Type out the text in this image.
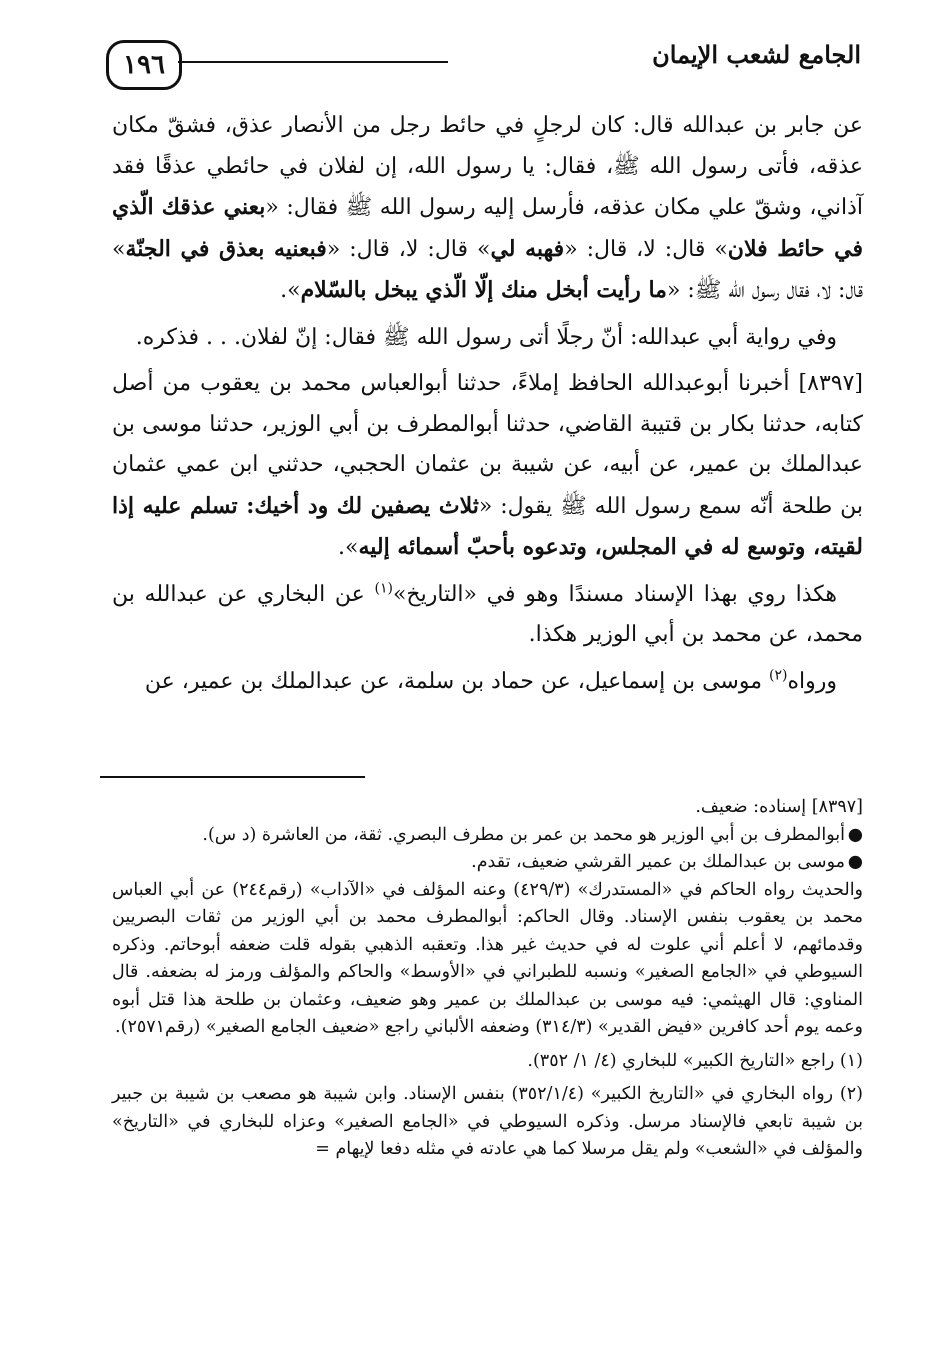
١٩٦	الجامع لشعب الإيمان

عن جابر بن عبدالله قال: كان لرجلٍ في حائط رجل من الأنصار عذق، فشقّ مكان عذقه، فأتى رسول الله ﷺ، فقال: يا رسول الله، إن لفلان في حائطي عذقًا فقد آذاني، وشقّ علي مكان عذقه، فأرسل إليه رسول الله ﷺ فقال: «بعني عذقك الّذي في حائط فلان» قال: لا، قال: «فهبه لي» قال: لا، قال: «فبعنيه بعذق في الجنّة» قال: لا، فقال رسول الله ﷺ: «ما رأيت أبخل منك إلّا الّذي يبخل بالسّلام».

وفي رواية أبي عبدالله: أنّ رجلًا أتى رسول الله ﷺ فقال: إنّ لفلان. . . فذكره.

[٨٣٩٧] أخبرنا أبوعبدالله الحافظ إملاءً، حدثنا أبوالعباس محمد بن يعقوب من أصل كتابه، حدثنا بكار بن قتيبة القاضي، حدثنا أبوالمطرف بن أبي الوزير، حدثنا موسى بن عبدالملك بن عمير، عن أبيه، عن شيبة بن عثمان الحجبي، حدثني ابن عمي عثمان بن طلحة أنّه سمع رسول الله ﷺ يقول: «ثلاث يصفين لك ود أخيك: تسلم عليه إذا لقيته، وتوسع له في المجلس، وتدعوه بأحبّ أسمائه إليه».

هكذا روي بهذا الإسناد مسندًا وهو في «التاريخ»$^{(١)}$ عن البخاري عن عبدالله بن محمد، عن محمد بن أبي الوزير هكذا.

ورواه$^{(٢)}$ موسى بن إسماعيل، عن حماد بن سلمة، عن عبدالملك بن عمير، عن

[٨٣٩٧] إسناده: ضعيف.

●
أبوالمطرف بن أبي الوزير هو محمد بن عمر بن مطرف البصري. ثقة، من العاشرة (د س).
●
موسى بن عبدالملك بن عمير القرشي ضعيف، تقدم.

والحديث رواه الحاكم في «المستدرك» (٤٢٩/٣) وعنه المؤلف في «الآداب» (رقم٢٤٤) عن أبي العباس محمد بن يعقوب بنفس الإسناد. وقال الحاكم: أبوالمطرف محمد بن أبي الوزير من ثقات البصريين وقدمائهم، لا أعلم أني علوت له في حديث غير هذا. وتعقبه الذهبي بقوله قلت ضعفه أبوحاتم. وذكره السيوطي في «الجامع الصغير» ونسبه للطبراني في «الأوسط» والحاكم والمؤلف ورمز له بضعفه. قال المناوي: قال الهيثمي: فيه موسى بن عبدالملك بن عمير وهو ضعيف، وعثمان بن طلحة هذا قتل أبوه وعمه يوم أحد كافرين «فيض القدير» (٣١٤/٣) وضعفه الألباني راجع «ضعيف الجامع الصغير» (رقم٢٥٧١).

(١) راجع «التاريخ الكبير» للبخاري (٤/ ١/ ٣٥٢).

(٢) رواه البخاري في «التاريخ الكبير» (٣٥٢/١/٤) بنفس الإسناد. وابن شيبة هو مصعب بن شيبة بن جبير بن شيبة تابعي فالإسناد مرسل. وذكره السيوطي في «الجامع الصغير» وعزاه للبخاري في «التاريخ» والمؤلف في «الشعب» ولم يقل مرسلا كما هي عادته في مثله دفعا لإيهام =
